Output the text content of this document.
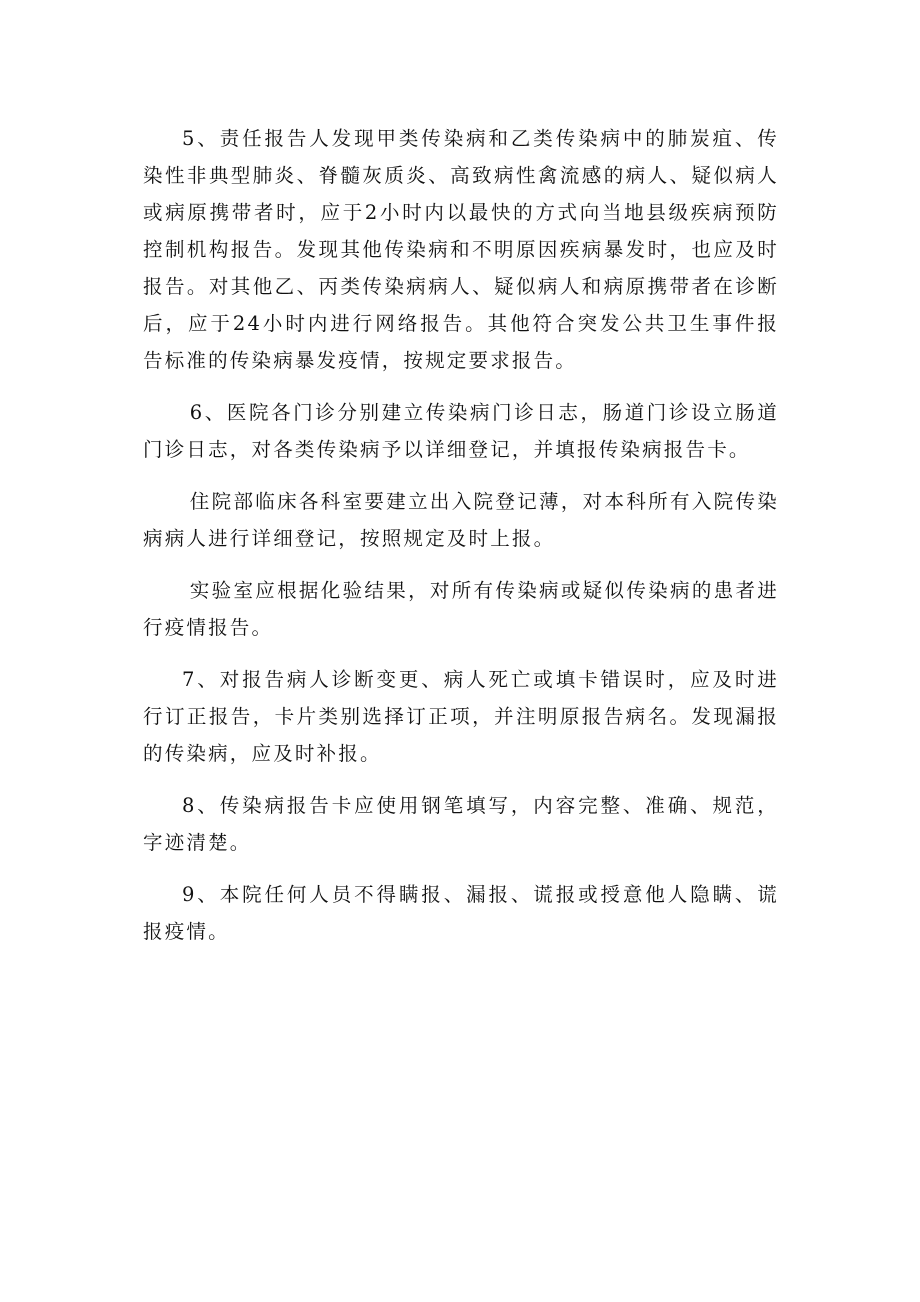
5、责任报告人发现甲类传染病和乙类传染病中的肺炭疽、传染性非典型肺炎、脊髓灰质炎、高致病性禽流感的病人、疑似病人或病原携带者时，应于2小时内以最快的方式向当地县级疾病预防控制机构报告。发现其他传染病和不明原因疾病暴发时，也应及时报告。对其他乙、丙类传染病病人、疑似病人和病原携带者在诊断后，应于24小时内进行网络报告。其他符合突发公共卫生事件报告标准的传染病暴发疫情，按规定要求报告。

6、医院各门诊分别建立传染病门诊日志，肠道门诊设立肠道门诊日志，对各类传染病予以详细登记，并填报传染病报告卡。

住院部临床各科室要建立出入院登记薄，对本科所有入院传染病病人进行详细登记，按照规定及时上报。

实验室应根据化验结果，对所有传染病或疑似传染病的患者进行疫情报告。

7、对报告病人诊断变更、病人死亡或填卡错误时，应及时进行订正报告，卡片类别选择订正项，并注明原报告病名。发现漏报的传染病，应及时补报。

8、传染病报告卡应使用钢笔填写，内容完整、准确、规范，字迹清楚。

9、本院任何人员不得瞒报、漏报、谎报或授意他人隐瞒、谎报疫情。
